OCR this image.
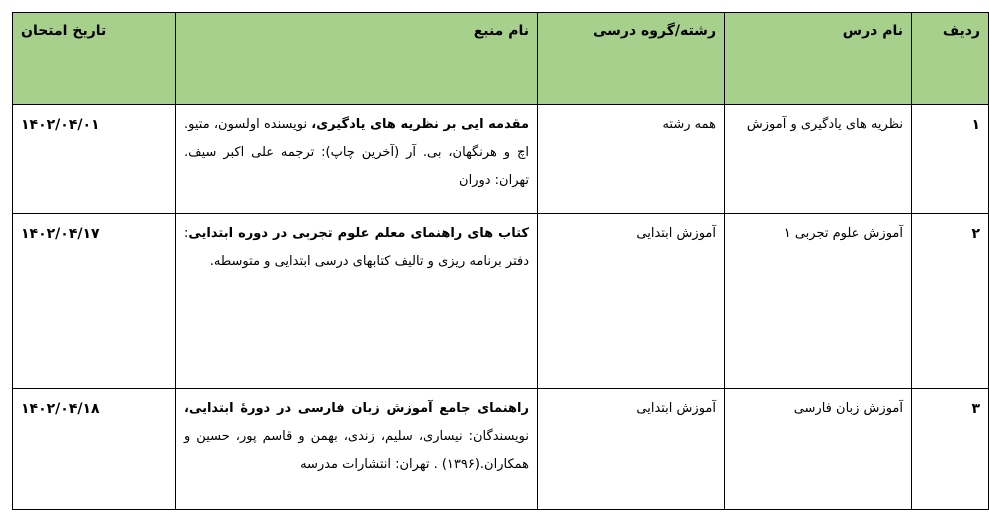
ردیف	نام درس	رشته/گروه درسی	نام منبع	تاریخ امتحان
۱	نظریه های یادگیری و آموزش	همه رشته	مقدمه ایی بر نظریه های یادگیری، نویسنده اولسون، متیو. اچ و هرنگهان، بی. آر (آخرین چاپ): ترجمه علی اکبر سیف. تهران: دوران	۱۴۰۲/۰۴/۰۱
۲	آموزش علوم تجربی ۱	آموزش ابتدایی	کتاب های راهنمای معلم علوم تجربی در دوره ابتدایی: دفتر برنامه ریزی و تالیف کتابهای درسی ابتدایی و متوسطه.	۱۴۰۲/۰۴/۱۷
۳	آموزش زبان فارسی	آموزش ابتدایی	راهنمای جامع آموزش زبان فارسی در دورهٔ ابتدایی، نویسندگان: نیساری، سلیم، زندی، بهمن و قاسم پور، حسین و همکاران.(۱۳۹۶) . تهران: انتشارات مدرسه	۱۴۰۲/۰۴/۱۸
